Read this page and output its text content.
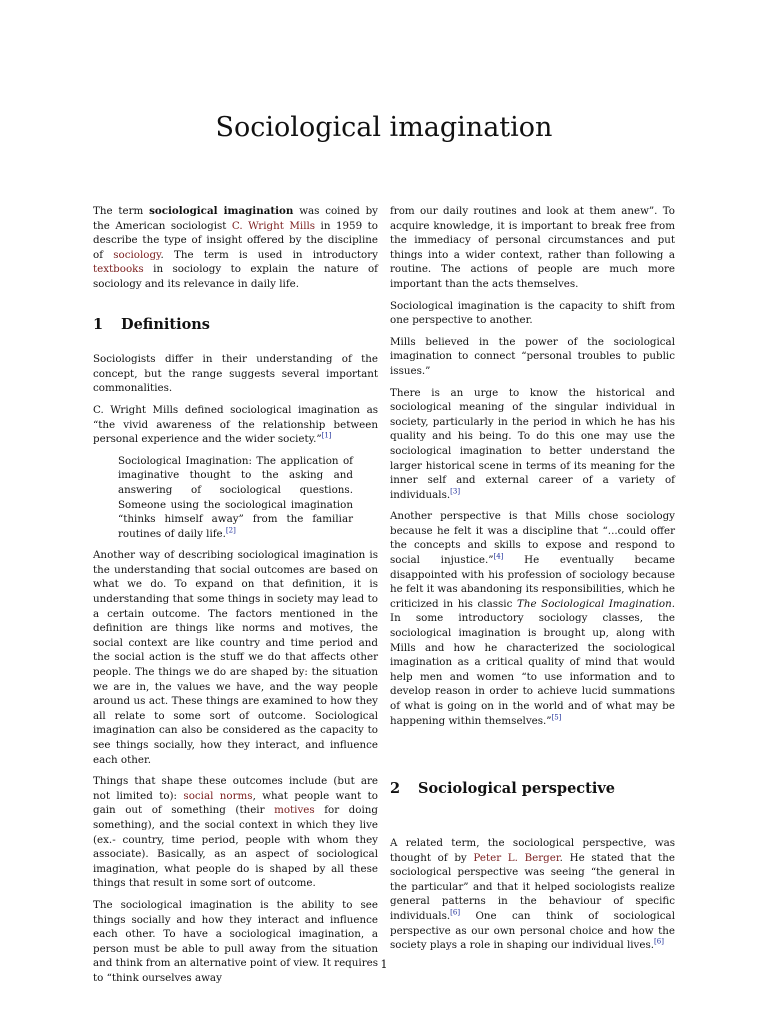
Sociological imagination

The term sociological imagination was coined by the American sociologist C. Wright Mills in 1959 to describe the type of insight offered by the discipline of sociology. The term is used in introductory textbooks in sociology to explain the nature of sociology and its relevance in daily life.

1 Definitions

Sociologists differ in their understanding of the concept, but the range suggests several important commonalities.

C. Wright Mills defined sociological imagination as “the vivid awareness of the relationship between personal experience and the wider society.”[1]

Sociological Imagination: The application of imaginative thought to the asking and answering of sociological questions. Someone using the sociological imagination “thinks himself away” from the familiar routines of daily life.[2]

Another way of describing sociological imagination is the understanding that social outcomes are based on what we do. To expand on that definition, it is understanding that some things in society may lead to a certain outcome. The factors mentioned in the definition are things like norms and motives, the social context are like country and time period and the social action is the stuff we do that affects other people. The things we do are shaped by: the situation we are in, the values we have, and the way people around us act. These things are examined to how they all relate to some sort of outcome. Sociological imagination can also be considered as the capacity to see things socially, how they interact, and influence each other.

Things that shape these outcomes include (but are not limited to): social norms, what people want to gain out of something (their motives for doing something), and the social context in which they live (ex.- country, time period, people with whom they associate). Basically, as an aspect of sociological imagination, what people do is shaped by all these things that result in some sort of outcome.

The sociological imagination is the ability to see things socially and how they interact and influence each other. To have a sociological imagination, a person must be able to pull away from the situation and think from an alternative point of view. It requires to “think ourselves away

from our daily routines and look at them anew”. To acquire knowledge, it is important to break free from the immediacy of personal circumstances and put things into a wider context, rather than following a routine. The actions of people are much more important than the acts themselves.

Sociological imagination is the capacity to shift from one perspective to another.

Mills believed in the power of the sociological imagination to connect “personal troubles to public issues.”

There is an urge to know the historical and sociological meaning of the singular individual in society, particularly in the period in which he has his quality and his being. To do this one may use the sociological imagination to better understand the larger historical scene in terms of its meaning for the inner self and external career of a variety of individuals.[3]

Another perspective is that Mills chose sociology because he felt it was a discipline that “...could offer the concepts and skills to expose and respond to social injustice.”[4] He eventually became disappointed with his profession of sociology because he felt it was abandoning its responsibilities, which he criticized in his classic The Sociological Imagination. In some introductory sociology classes, the sociological imagination is brought up, along with Mills and how he characterized the sociological imagination as a critical quality of mind that would help men and women “to use information and to develop reason in order to achieve lucid summations of what is going on in the world and of what may be happening within themselves.”[5]

2 Sociological perspective

A related term, the sociological perspective, was thought of by Peter L. Berger. He stated that the sociological perspective was seeing “the general in the particular” and that it helped sociologists realize general patterns in the behaviour of specific individuals.[6] One can think of sociological perspective as our own personal choice and how the society plays a role in shaping our individual lives.[6]

1
